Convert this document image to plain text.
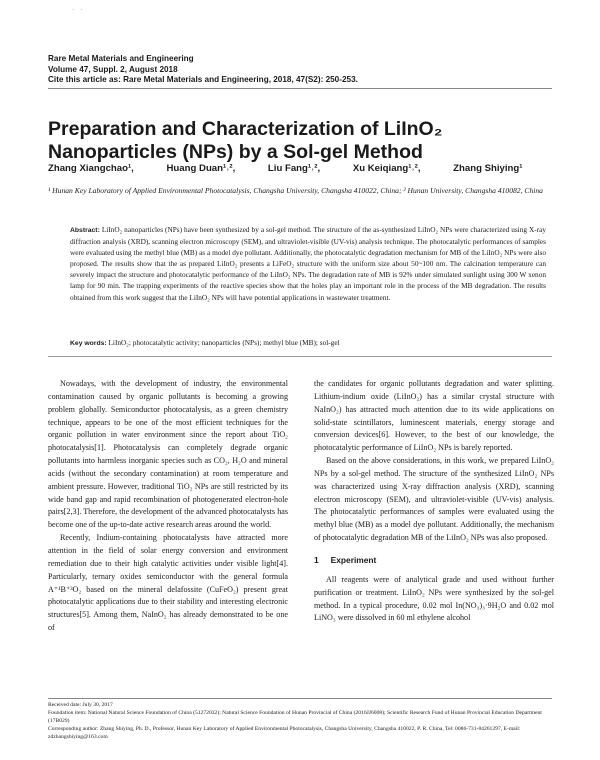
· ·
Rare Metal Materials and Engineering
Volume 47, Suppl. 2, August 2018
Cite this article as: Rare Metal Materials and Engineering, 2018, 47(S2): 250-253.
Preparation and Characterization of LiInO₂ Nanoparticles (NPs) by a Sol-gel Method
Zhang Xiangchao¹,	Huang Duan¹˒²,	Liu Fang¹˒²,	Xu Keiqiang¹˒²,	Zhang Shiying¹
¹ Hunan Key Laboratory of Applied Environmental Photocatalysis, Changsha University, Changsha 410022, China; ² Hunan University, Changsha 410082, China
Abstract: LiInO₂ nanoparticles (NPs) have been synthesized by a sol-gel method. The structure of the as-synthesized LiInO₂ NPs were characterized using X-ray diffraction analysis (XRD), scanning electron microscopy (SEM), and ultraviolet-visible (UV-vis) analysis technique. The photocatalytic performances of samples were evaluated using the methyl blue (MB) as a model dye pollutant. Additionally, the photocatalytic degradation mechanism for MB of the LiInO₂ NPs were also proposed. The results show that the as prepared LiInO₂ presents a LiFeO₂ structure with the uniform size about 50~100 nm. The calcination temperature can severely impact the structure and photocatalytic performance of the LiInO₂ NPs. The degradation rate of MB is 92% under simulated sunlight using 300 W xenon lamp for 90 min. The trapping experiments of the reactive species show that the holes play an important role in the process of the MB degradation. The results obtained from this work suggest that the LiInO₂ NPs will have potential applications in wastewater treatment.
Key words: LiInO₂; photocatalytic activity; nanoparticles (NPs); methyl blue (MB); sol-gel

Nowadays, with the development of industry, the environmental contamination caused by organic pollutants is becoming a growing problem globally. Semiconductor photocatalysis, as a green chemistry technique, appears to be one of the most efficient techniques for the organic pollution in water environment since the report about TiO₂ photocatalysis[1]. Photocatalysis can completely degrade organic pollutants into harmless inorganic species such as CO₂, H₂O and mineral acids (without the secondary contamination) at room temperature and ambient pressure. However, traditional TiO₂ NPs are still restricted by its wide band gap and rapid recombination of photogenerated electron-hole pairs[2,3]. Therefore, the development of the advanced photocatalysts has become one of the up-to-date active research areas around the world.

Recently, Indium-containing photocatalysts have attracted more attention in the field of solar energy conversion and environment remediation due to their high catalytic activities under visible light[4]. Particularly, ternary oxides semiconductor with the general formula A⁺¹B⁺³O₂ based on the mineral delafossite (CuFeO₂) present great photocatalytic applications due to their stability and interesting electronic structures[5]. Among them, NaInO₂ has already demonstrated to be one of

the candidates for organic pollutants degradation and water splitting. Lithium-indium oxide (LiInO₂) has a similar crystal structure with NaInO₂) has attracted much attention due to its wide applications on solid-state scintillators, luminescent materials, energy storage and conversion devices[6]. However, to the best of our knowledge, the photocatalytic performance of LiInO₂ NPs is barely reported.

Based on the above considerations, in this work, we prepared LiInO₂ NPs by a sol-gel method. The structure of the synthesized LiInO₂ NPs was characterized using X-ray diffraction analysis (XRD), scanning electron microscopy (SEM), and ultraviolet-visible (UV-vis) analysis. The photocatalytic performances of samples were evaluated using the methyl blue (MB) as a model dye pollutant. Additionally, the mechanism of photocatalytic degradation MB of the LiInO₂ NPs was also proposed.

1 Experiment

All reagents were of analytical grade and used without further purification or treatment. LiInO₂ NPs were synthesized by the sol-gel method. In a typical procedure, 0.02 mol In(NO₃)₃·9H₂O and 0.02 mol LiNO₃ were dissolved in 60 ml ethylene alcohol

Received date: July 30, 2017
Foundation item: National Natural Science Foundation of China (51272032); Natural Science Foundation of Hunan Provincial of China (2016JJ6008); Scientific Research Fund of Hunan Provincial Education Department (17B029)
Corresponding author: Zhang Shiying, Ph. D., Professor, Hunan Key Laboratory of Applied Environmental Photocatalysis, Changsha University, Changsha 410022, P. R. China, Tel: 0086-731-84261297, E-mail: zdzhangshiying@163.com
